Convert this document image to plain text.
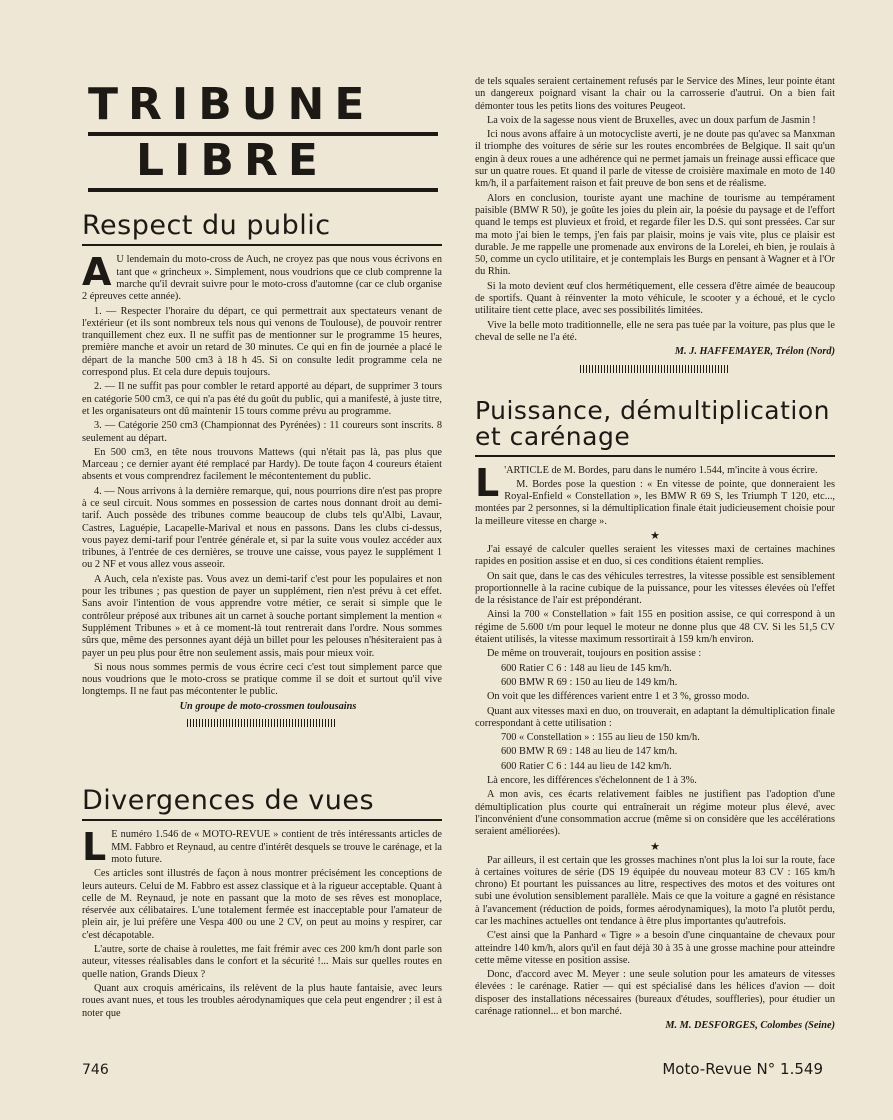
TRIBUNE

LIBRE

Respect du public

A U lendemain du moto-cross de Auch, ne croyez pas que nous vous écrivons en tant que « grincheux ». Simplement, nous voudrions que ce club comprenne la marche qu'il devrait suivre pour le moto-cross d'automne (car ce club organise 2 épreuves cette année).

1. — Respecter l'horaire du départ, ce qui permettrait aux spectateurs venant de l'extérieur (et ils sont nombreux tels nous qui venons de Toulouse), de pouvoir rentrer tranquillement chez eux. Il ne suffit pas de mentionner sur le programme 15 heures, première manche et avoir un retard de 30 minutes. Ce qui en fin de journée a placé le départ de la manche 500 cm3 à 18 h 45. Si on consulte ledit programme cela ne correspond plus. Et cela dure depuis toujours.

2. — Il ne suffit pas pour combler le retard apporté au départ, de supprimer 3 tours en catégorie 500 cm3, ce qui n'a pas été du goût du public, qui a manifesté, à juste titre, et les organisateurs ont dû maintenir 15 tours comme prévu au programme.

3. — Catégorie 250 cm3 (Championnat des Pyrénées) : 11 coureurs sont inscrits. 8 seulement au départ.

En 500 cm3, en tête nous trouvons Mattews (qui n'était pas là, pas plus que Marceau ; ce dernier ayant été remplacé par Hardy). De toute façon 4 coureurs étaient absents et vous comprendrez facilement le mécontentement du public.

4. — Nous arrivons à la dernière remarque, qui, nous pourrions dire n'est pas propre à ce seul circuit. Nous sommes en possession de cartes nous donnant droit au demi-tarif. Auch possède des tribunes comme beaucoup de clubs tels qu'Albi, Lavaur, Castres, Laguépie, Lacapelle-Marival et nous en passons. Dans les clubs ci-dessus, vous payez demi-tarif pour l'entrée générale et, si par la suite vous voulez accéder aux tribunes, à l'entrée de ces dernières, se trouve une caisse, vous payez le supplément 1 ou 2 NF et vous allez vous asseoir.

A Auch, cela n'existe pas. Vous avez un demi-tarif c'est pour les populaires et non pour les tribunes ; pas question de payer un supplément, rien n'est prévu à cet effet. Sans avoir l'intention de vous apprendre votre métier, ce serait si simple que le contrôleur préposé aux tribunes ait un carnet à souche portant simplement la mention « Supplément Tribunes » et à ce moment-là tout rentrerait dans l'ordre. Nous sommes sûrs que, même des personnes ayant déjà un billet pour les pelouses n'hésiteraient pas à payer un peu plus pour être non seulement assis, mais pour mieux voir.

Si nous nous sommes permis de vous écrire ceci c'est tout simplement parce que nous voudrions que le moto-cross se pratique comme il se doit et surtout qu'il vive longtemps. Il ne faut pas mécontenter le public.

Un groupe de moto-crossmen toulousains

Divergences de vues

L E numéro 1.546 de « MOTO-REVUE » contient de très intéressants articles de MM. Fabbro et Reynaud, au centre d'intérêt desquels se trouve le carénage, et la moto future.

Ces articles sont illustrés de façon à nous montrer précisément les conceptions de leurs auteurs. Celui de M. Fabbro est assez classique et à la rigueur acceptable. Quant à celle de M. Reynaud, je note en passant que la moto de ses rêves est monoplace, réservée aux célibataires. L'une totalement fermée est inacceptable pour l'amateur de plein air, je lui préfère une Vespa 400 ou une 2 CV, on peut au moins y respirer, car c'est décapotable.

L'autre, sorte de chaise à roulettes, me fait frémir avec ces 200 km/h dont parle son auteur, vitesses réalisables dans le confort et la sécurité !... Mais sur quelles routes en quelle nation, Grands Dieux ?

Quant aux croquis américains, ils relèvent de la plus haute fantaisie, avec leurs roues avant nues, et tous les troubles aérodynamiques que cela peut engendrer ; il est à noter que

de tels squales seraient certainement refusés par le Service des Mines, leur pointe étant un dangereux poignard visant la chair ou la carrosserie d'autrui. On a bien fait démonter tous les petits lions des voitures Peugeot.

La voix de la sagesse nous vient de Bruxelles, avec un doux parfum de Jasmin !

Ici nous avons affaire à un motocycliste averti, je ne doute pas qu'avec sa Manxman il triomphe des voitures de série sur les routes encombrées de Belgique. Il sait qu'un engin à deux roues a une adhérence qui ne permet jamais un freinage aussi efficace que sur un quatre roues. Et quand il parle de vitesse de croisière maximale en moto de 140 km/h, il a parfaitement raison et fait preuve de bon sens et de réalisme.

Alors en conclusion, touriste ayant une machine de tourisme au tempérament paisible (BMW R 50), je goûte les joies du plein air, la poésie du paysage et de l'effort quand le temps est pluvieux et froid, et regarde filer les D.S. qui sont pressées. Car sur ma moto j'ai bien le temps, j'en fais par plaisir, moins je vais vite, plus ce plaisir est durable. Je me rappelle une promenade aux environs de la Lorelei, eh bien, je roulais à 50, comme un cyclo utilitaire, et je contemplais les Burgs en pensant à Wagner et à l'Or du Rhin.

Si la moto devient œuf clos hermétiquement, elle cessera d'être aimée de beaucoup de sportifs. Quant à réinventer la moto véhicule, le scooter y a échoué, et le cyclo utilitaire tient cette place, avec ses possibilités limitées.

Vive la belle moto traditionnelle, elle ne sera pas tuée par la voiture, pas plus que le cheval de selle ne l'a été.

M. J. HAFFEMAYER, Trélon (Nord)

Puissance, démultiplication
et carénage

L 'ARTICLE de M. Bordes, paru dans le numéro 1.544, m'incite à vous écrire.

M. Bordes pose la question : « En vitesse de pointe, que donneraient les Royal-Enfield « Constellation », les BMW R 69 S, les Triumph T 120, etc..., montées par 2 personnes, si la démultiplication finale était judicieusement choisie pour la meilleure vitesse en charge ».

★

J'ai essayé de calculer quelles seraient les vitesses maxi de certaines machines rapides en position assise et en duo, si ces conditions étaient remplies.

On sait que, dans le cas des véhicules terrestres, la vitesse possible est sensiblement proportionnelle à la racine cubique de la puissance, pour les vitesses élevées où l'effet de la résistance de l'air est prépondérant.

Ainsi la 700 « Constellation » fait 155 en position assise, ce qui correspond à un régime de 5.600 t/m pour lequel le moteur ne donne plus que 48 CV. Si les 51,5 CV étaient utilisés, la vitesse maximum ressortirait à 159 km/h environ.

De même on trouverait, toujours en position assise :

600 Ratier C 6 : 148 au lieu de 145 km/h.

600 BMW R 69 : 150 au lieu de 149 km/h.

On voit que les différences varient entre 1 et 3 %, grosso modo.

Quant aux vitesses maxi en duo, on trouverait, en adaptant la démultiplication finale correspondant à cette utilisation :

700 « Constellation » : 155 au lieu de 150 km/h.

600 BMW R 69 : 148 au lieu de 147 km/h.

600 Ratier C 6 : 144 au lieu de 142 km/h.

Là encore, les différences s'échelonnent de 1 à 3%.

A mon avis, ces écarts relativement faibles ne justifient pas l'adoption d'une démultiplication plus courte qui entraînerait un régime moteur plus élevé, avec l'inconvénient d'une consommation accrue (même si on considère que les accélérations seraient améliorées).

★

Par ailleurs, il est certain que les grosses machines n'ont plus la loi sur la route, face à certaines voitures de série (DS 19 équipée du nouveau moteur 83 CV : 165 km/h chrono) Et pourtant les puissances au litre, respectives des motos et des voitures ont subi une évolution sensiblement parallèle. Mais ce que la voiture a gagné en résistance à l'avancement (réduction de poids, formes aérodynamiques), la moto l'a plutôt perdu, car les machines actuelles ont tendance à être plus importantes qu'autrefois.

C'est ainsi que la Panhard « Tigre » a besoin d'une cinquantaine de chevaux pour atteindre 140 km/h, alors qu'il en faut déjà 30 à 35 à une grosse machine pour atteindre cette même vitesse en position assise.

Donc, d'accord avec M. Meyer : une seule solution pour les amateurs de vitesses élevées : le carénage. Ratier — qui est spécialisé dans les hélices d'avion — doit disposer des installations nécessaires (bureaux d'études, souffleries), pour étudier un carénage rationnel... et bon marché.

M. M. DESFORGES, Colombes (Seine)

746	Moto-Revue N° 1.549
